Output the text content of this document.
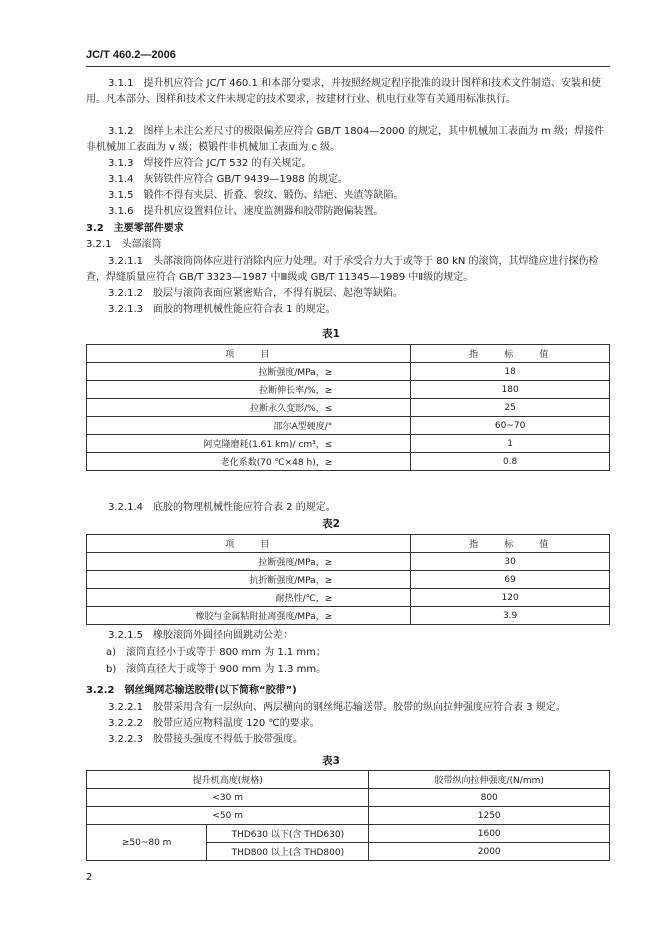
JC/T 460.2—2006
3.1.1　提升机应符合 JC/T 460.1 和本部分要求，并按照经规定程序批准的设计图样和技术文件制造、安装和使用。凡本部分、图样和技术文件未规定的技术要求，按建材行业、机电行业等有关通用标准执行。
3.1.2　图样上未注公差尺寸的极限偏差应符合 GB/T 1804—2000 的规定，其中机械加工表面为 m 级；焊接件非机械加工表面为 v 级；模锻件非机械加工表面为 c 级。
3.1.3　焊接件应符合 JC/T 532 的有关规定。
3.1.4　灰铸铁件应符合 GB/T 9439—1988 的规定。
3.1.5　锻件不得有夹层、折叠、裂纹、锻伤、结疤、夹渣等缺陷。
3.1.6　提升机应设置料位计、速度监测器和胶带防跑偏装置。
3.2　主要零部件要求
3.2.1　头部滚筒
3.2.1.1　头部滚筒筒体应进行消除内应力处理。对于承受合力大于或等于 80 kN 的滚筒，其焊缝应进行探伤检查，焊缝质量应符合 GB/T 3323—1987 中Ⅲ级或 GB/T 11345—1989 中Ⅱ级的规定。
3.2.1.2　胶层与滚筒表面应紧密贴合，不得有脱层、起泡等缺陷。
3.2.1.3　面胶的物理机械性能应符合表 1 的规定。
表1
项　　目	指　　标　　值
拉断强度/MPa，≥	18
拉断伸长率/%，≥	180
拉断永久变形/%，≤	25
邵尔A型硬度/°	60~70
阿克隆磨耗(1.61 km)/ cm³，≤	1
老化系数(70 ℃×48 h)，≥	0.8
3.2.1.4　底胶的物理机械性能应符合表 2 的规定。
表2
项　　目	指　　标　　值
拉断强度/MPa，≥	30
抗折断强度/MPa，≥	69
耐热性/℃，≥	120
橡胶与金属粘附扯离强度/MPa，≥	3.9
3.2.1.5　橡胶滚筒外圆径向圆跳动公差：
a)　滚筒直径小于或等于 800 mm 为 1.1 mm；
b)　滚筒直径大于或等于 900 mm 为 1.3 mm。
3.2.2　钢丝绳网芯输送胶带(以下简称“胶带”)
3.2.2.1　胶带采用含有一层纵向、两层横向的钢丝绳芯输送带。胶带的纵向拉伸强度应符合表 3 规定。
3.2.2.2　胶带应适应物料温度 120 ℃的要求。
3.2.2.3　胶带接头强度不得低于胶带强度。
表3
提升机高度(规格)		胶带纵向拉伸强度/(N/mm)
<30 m		800
<50 m		1250
≥50~80 m	THD630 以下(含 THD630)	1600
	THD800 以上(含 THD800)	2000
2
